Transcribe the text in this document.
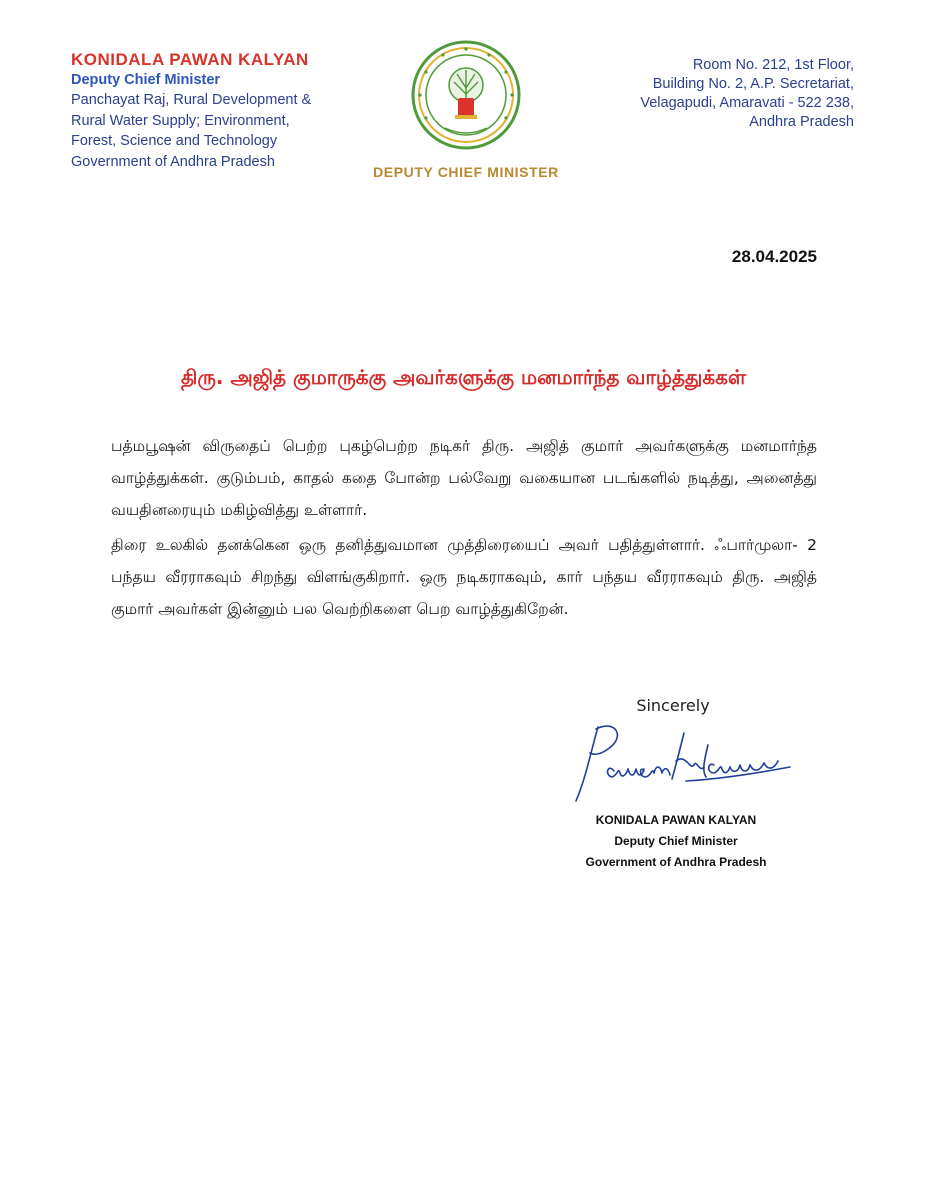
KONIDALA PAWAN KALYAN
Deputy Chief Minister
Panchayat Raj, Rural Development &
Rural Water Supply; Environment,
Forest, Science and Technology
Government of Andhra Pradesh
DEPUTY CHIEF MINISTER
Room No. 212, 1st Floor,
Building No. 2, A.P. Secretariat,
Velagapudi, Amaravati - 522 238,
Andhra Pradesh
28.04.2025
திரு. அஜித் குமாருக்கு அவர்களுக்கு மனமார்ந்த வாழ்த்துக்கள்

பத்மபூஷன் விருதைப் பெற்ற புகழ்பெற்ற நடிகர் திரு. அஜித் குமார் அவர்களுக்கு மனமார்ந்த வாழ்த்துக்கள். குடும்பம், காதல் கதை போன்ற பல்வேறு வகையான படங்களில் நடித்து, அனைத்து வயதினரையும் மகிழ்வித்து உள்ளார்.

திரை உலகில் தனக்கென ஒரு தனித்துவமான முத்திரையைப் அவர் பதித்துள்ளார். ஃபார்முலா- 2 பந்தய வீரராகவும் சிறந்து விளங்குகிறார். ஒரு நடிகராகவும், கார் பந்தய வீரராகவும் திரு. அஜித் குமார் அவர்கள் இன்னும் பல வெற்றிகளை பெற வாழ்த்துகிறேன்.

Sincerely
KONIDALA PAWAN KALYAN
Deputy Chief Minister
Government of Andhra Pradesh
